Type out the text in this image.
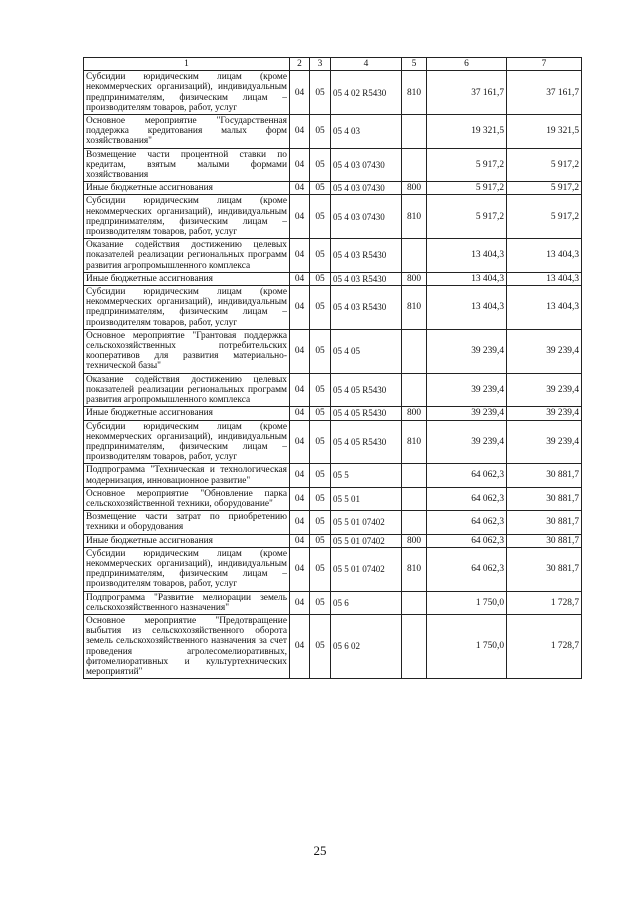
1	2	3	4	5	6	7
Субсидии юридическим лицам (кроме некоммерческих организаций), индивидуальным предпринимателям, физическим лицам – производителям товаров, работ, услуг	04	05	05 4 02 R5430	810	37 161,7	37 161,7
Основное мероприятие "Государственная поддержка кредитования малых форм хозяйствования"	04	05	05 4 03		19 321,5	19 321,5
Возмещение части процентной ставки по кредитам, взятым малыми формами хозяйствования	04	05	05 4 03 07430		5 917,2	5 917,2
Иные бюджетные ассигнования	04	05	05 4 03 07430	800	5 917,2	5 917,2
Субсидии юридическим лицам (кроме некоммерческих организаций), индивидуальным предпринимателям, физическим лицам – производителям товаров, работ, услуг	04	05	05 4 03 07430	810	5 917,2	5 917,2
Оказание содействия достижению целевых показателей реализации региональных программ развития агропромышленного комплекса	04	05	05 4 03 R5430		13 404,3	13 404,3
Иные бюджетные ассигнования	04	05	05 4 03 R5430	800	13 404,3	13 404,3
Субсидии юридическим лицам (кроме некоммерческих организаций), индивидуальным предпринимателям, физическим лицам – производителям товаров, работ, услуг	04	05	05 4 03 R5430	810	13 404,3	13 404,3
Основное мероприятие "Грантовая поддержка сельскохозяйственных потребительских кооперативов для развития материально-технической базы"	04	05	05 4 05		39 239,4	39 239,4
Оказание содействия достижению целевых показателей реализации региональных программ развития агропромышленного комплекса	04	05	05 4 05 R5430		39 239,4	39 239,4
Иные бюджетные ассигнования	04	05	05 4 05 R5430	800	39 239,4	39 239,4
Субсидии юридическим лицам (кроме некоммерческих организаций), индивидуальным предпринимателям, физическим лицам – производителям товаров, работ, услуг	04	05	05 4 05 R5430	810	39 239,4	39 239,4
Подпрограмма "Техническая и технологическая модернизация, инновационное развитие"	04	05	05 5		64 062,3	30 881,7
Основное мероприятие "Обновление парка сельскохозяйственной техники, оборудование"	04	05	05 5 01		64 062,3	30 881,7
Возмещение части затрат по приобретению техники и оборудования	04	05	05 5 01 07402		64 062,3	30 881,7
Иные бюджетные ассигнования	04	05	05 5 01 07402	800	64 062,3	30 881,7
Субсидии юридическим лицам (кроме некоммерческих организаций), индивидуальным предпринимателям, физическим лицам – производителям товаров, работ, услуг	04	05	05 5 01 07402	810	64 062,3	30 881,7
Подпрограмма "Развитие мелиорации земель сельскохозяйственного назначения"	04	05	05 6		1 750,0	1 728,7
Основное мероприятие "Предотвращение выбытия из сельскохозяйственного оборота земель сельскохозяйственного назначения за счет проведения агролесомелиоративных, фитомелиоративных и культуртехнических мероприятий"	04	05	05 6 02		1 750,0	1 728,7
25
